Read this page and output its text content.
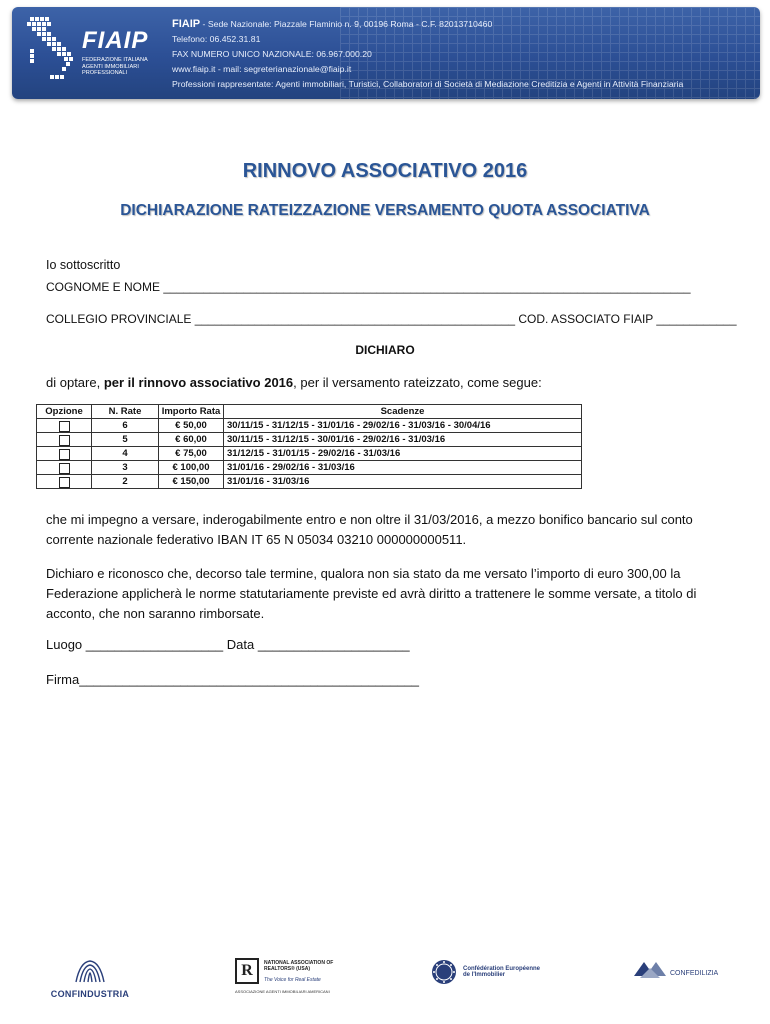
FIAIP
FEDERAZIONE ITALIANA
AGENTI IMMOBILIARI
PROFESSIONALI
FIAIP - Sede Nazionale: Piazzale Flaminio n. 9, 00196 Roma - C.F. 82013710460
Telefono: 06.452.31.81
FAX NUMERO UNICO NAZIONALE: 06.967.000.20
www.fiaip.it - mail: segreterianazionale@fiaip.it
Professioni rappresentate: Agenti immobiliari, Turistici, Collaboratori di Società di Mediazione Creditizia e Agenti in Attività Finanziaria
RINNOVO ASSOCIATIVO 2016
DICHIARAZIONE RATEIZZAZIONE VERSAMENTO QUOTA ASSOCIATIVA
Io sottoscritto
COGNOME E NOME _______________________________________________________________________________
COLLEGIO PROVINCIALE ________________________________________________ COD. ASSOCIATO FIAIP ____________
DICHIARO
di optare, per il rinnovo associativo 2016, per il versamento rateizzato, come segue:
Opzione	N. Rate	Importo Rata	Scadenze
	6	€ 50,00	30/11/15 - 31/12/15 - 31/01/16 - 29/02/16 - 31/03/16 - 30/04/16
	5	€ 60,00	30/11/15 - 31/12/15 - 30/01/16 - 29/02/16 - 31/03/16
	4	€ 75,00	31/12/15 - 31/01/15 - 29/02/16 - 31/03/16
	3	€ 100,00	31/01/16 - 29/02/16 - 31/03/16
	2	€ 150,00	31/01/16 - 31/03/16
che mi impegno a versare, inderogabilmente entro e non oltre il 31/03/2016, a mezzo bonifico bancario sul conto corrente nazionale federativo IBAN IT 65 N 05034 03210 000000000511.
Dichiaro e riconosco che, decorso tale termine, qualora non sia stato da me versato l’importo di euro 300,00 la Federazione applicherà le norme statutariamente previste ed avrà diritto a trattenere le somme versate, a titolo di acconto, che non saranno rimborsate.
Luogo ___________________ Data _____________________
Firma_______________________________________________
CONFINDUSTRIA
R	NATIONAL ASSOCIATION OF REALTORS® (USA)
The Voice for Real Estate
ASSOCIAZIONE AGENTI IMMOBILIARI AMERICANI
Confédération Européenne
de l'Immobilier	CONFEDILIZIA
